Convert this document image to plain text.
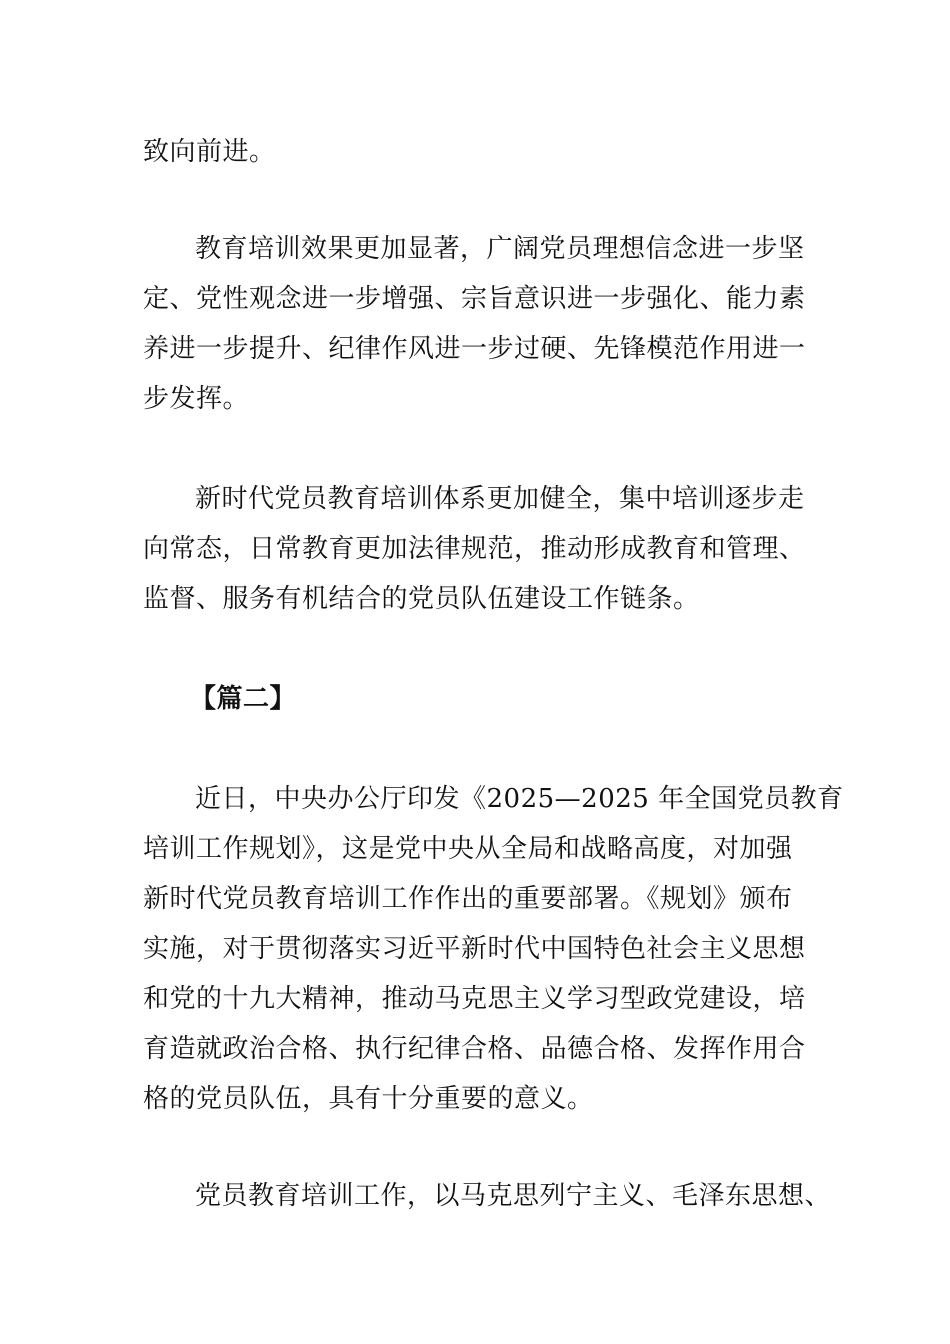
致向前进。
教育培训效果更加显著，广阔党员理想信念进一步坚
定、党性观念进一步增强、宗旨意识进一步强化、能力素
养进一步提升、纪律作风进一步过硬、先锋模范作用进一
步发挥。
新时代党员教育培训体系更加健全，集中培训逐步走
向常态，日常教育更加法律规范，推动形成教育和管理、
监督、服务有机结合的党员队伍建设工作链条。
【篇二】
近日，中央办公厅印发《2025—2025 年全国党员教育
培训工作规划》，这是党中央从全局和战略高度，对加强
新时代党员教育培训工作作出的重要部署。《规划》颁布
实施，对于贯彻落实习近平新时代中国特色社会主义思想
和党的十九大精神，推动马克思主义学习型政党建设，培
育造就政治合格、执行纪律合格、品德合格、发挥作用合
格的党员队伍，具有十分重要的意义。
党员教育培训工作，以马克思列宁主义、毛泽东思想、
